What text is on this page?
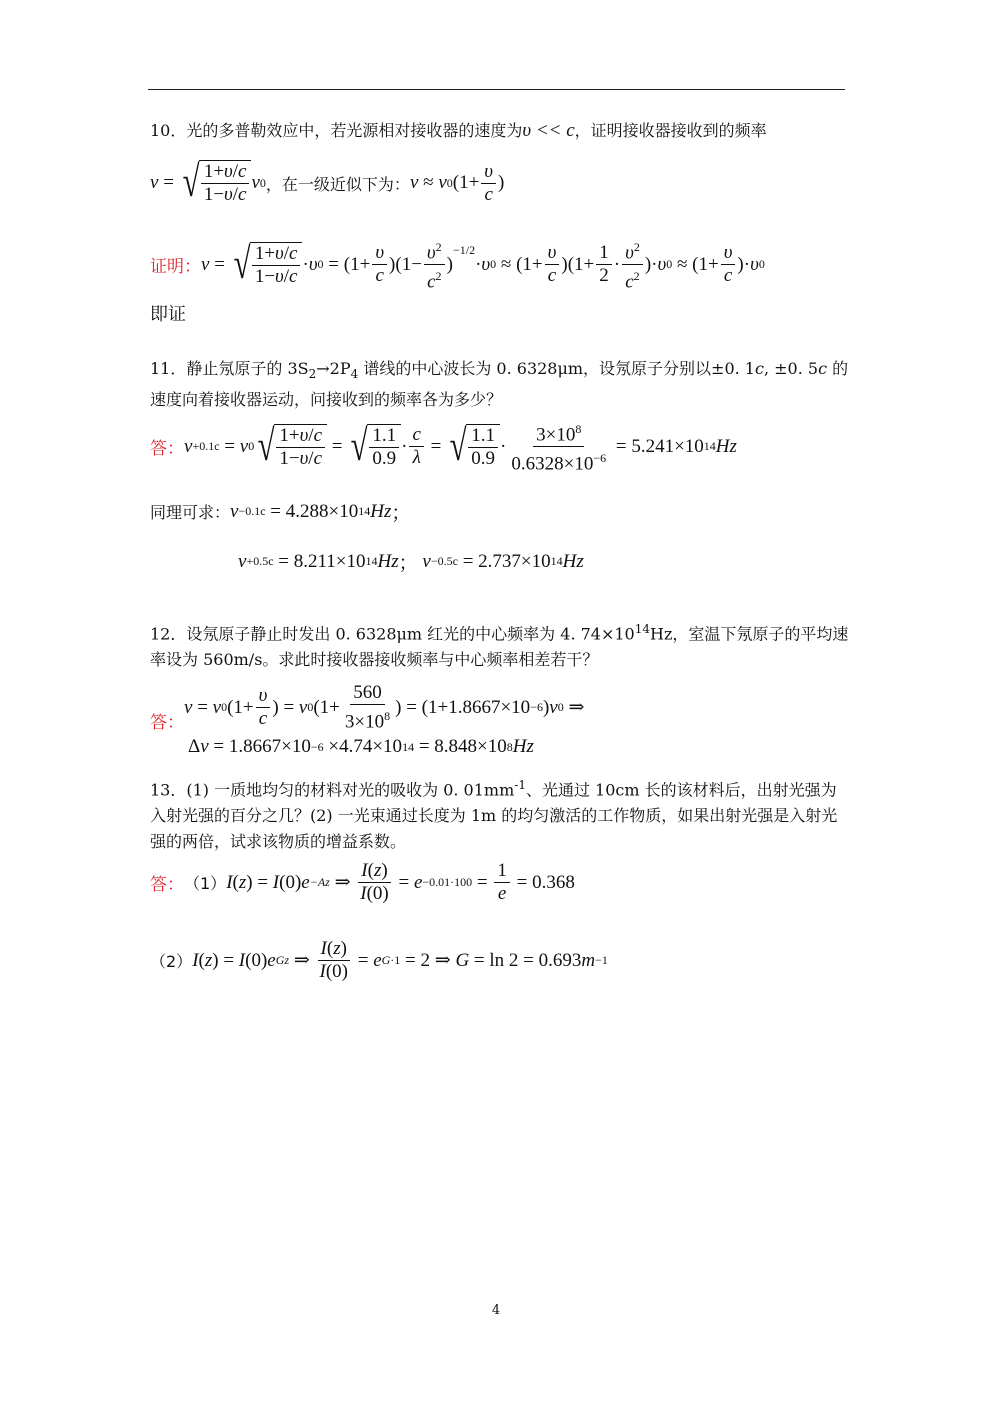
10．光的多普勒效应中，若光源相对接收器的速度为υ << c，证明接收器接收到的频率
ν = √ $\frac{1+\upsilon/c}{1-\upsilon/c}$ ν 0 ，在一级近似下为： ν ≈ ν 0 ($1+ \frac{\upsilon}{c}$ )
证明： ν = √ $\frac{1+\upsilon/c}{1-\upsilon/c} \cdot \upsilon$ $0 = (1+ \frac{\upsilon}{c} )(1- \frac{\upsilon^2}{c^2}$ )
$^{-1/2}$
· υ $0 \approx (1+ \frac{\upsilon}{c} )(1+ \frac{1}{2} \cdot \frac{\upsilon^2}{c^2}$ )· υ $0 \approx (1+ \frac{\upsilon}{c}$ )· υ 0
即证
11．静止氖原子的 $3S_2\to 2P_4$ 谱线的中心波长为 0. 6328μm，设氖原子分别以±0. 1c, ±0. 5c 的速度向着接收器运动，问接收到的频率各为多少？
答： ν +0.1c = ν 0 √ $\frac{1+\upsilon/c}{1-\upsilon/c}$ = √ $\frac{1.1}{0.9} \cdot \frac{c}{\lambda}$ = √ $\frac{1.1}{0.9} \cdot \frac{3\times 10^8}{0.6328\times 10^{-6}} = 5.241\times 10$ 14 Hz
同理可求： ν −0.1c = 4.288×10 14 Hz ；
ν +0.5c = 8.211×10 14 Hz ； ν −0.5c = 2.737×10 14 Hz
12．设氖原子静止时发出 0. 6328μm 红光的中心频率为 4. $74\times 10^{14}Hz$，室温下氖原子的平均速率设为 560m/s。求此时接收器接收频率与中心频率相差若干？
答：
ν = ν 0 ($1+ \frac{\upsilon}{c}$ ) = ν 0 ($1+ \frac{560}{3\times 10^8}$ ) = (1+1.8667×10 −6 ) ν 0 ⇒
Δ ν = 1.8667×10 −6 ×4.74×10 14 = 8.848×10 8 Hz
13．(1) 一质地均匀的材料对光的吸收为 0. $01mm^{-1}$、光通过 10cm 长的该材料后，出射光强为入射光强的百分之几？(2) 一光束通过长度为 1m 的均匀激活的工作物质，如果出射光强是入射光强的两倍，试求该物质的增益系数。
答： （1） I ( z ) = I (0) e −Az ⇒ $\frac{I(z)}{I(0)} = e -0.01\cdot 100 = \frac{1}{e} = 0.368$
（2） I ( z ) = I (0) e Gz ⇒ $\frac{I(z)}{I(0)} = e$ G·1 = 2 ⇒ G = ln 2 = 0.693 m −1
4
